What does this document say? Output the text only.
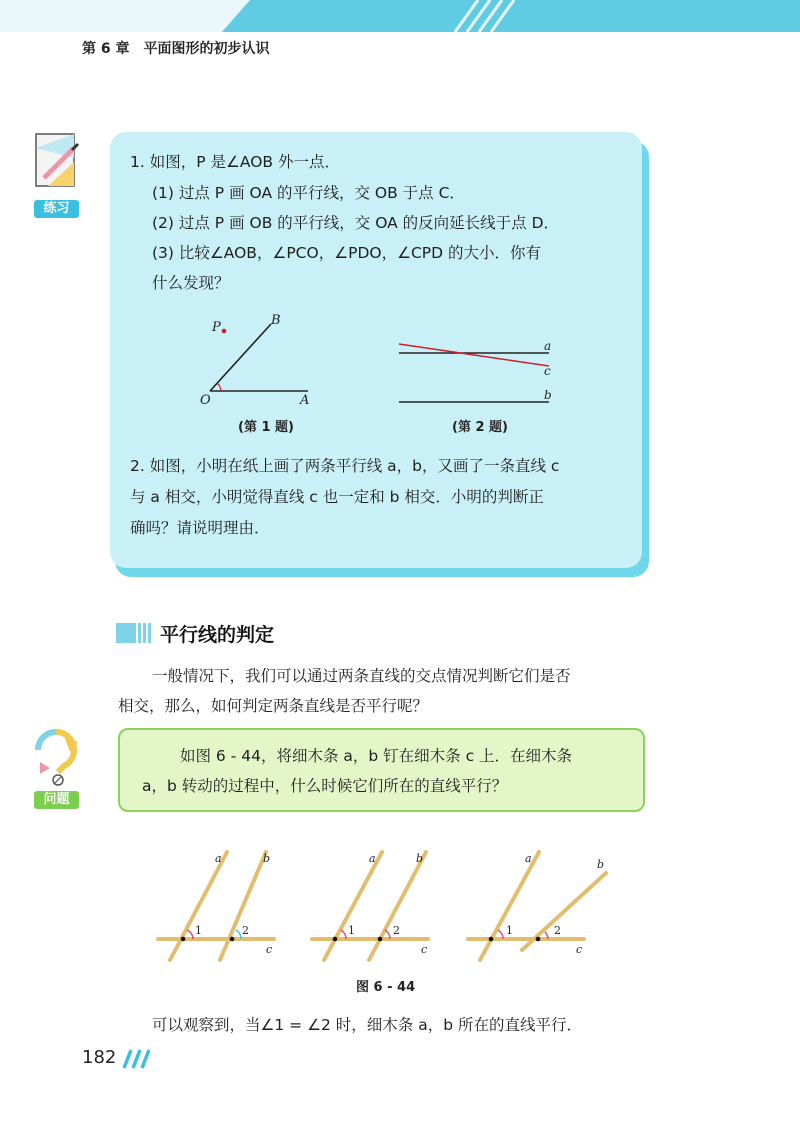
第 6 章　平面图形的初步认识
练习
1. 如图，P 是∠AOB 外一点．
(1) 过点 P 画 OA 的平行线，交 OB 于点 C．
(2) 过点 P 画 OB 的平行线，交 OA 的反向延长线于点 D．
(3) 比较∠AOB，∠PCO，∠PDO，∠CPD 的大小．你有
什么发现？
P	B
O	A
(第 1 题)
a
c
b
(第 2 题)
2. 如图，小明在纸上画了两条平行线 a，b，又画了一条直线 c
与 a 相交，小明觉得直线 c 也一定和 b 相交．小明的判断正
确吗？请说明理由．
平行线的判定
一般情况下，我们可以通过两条直线的交点情况判断它们是否
相交，那么，如何判定两条直线是否平行呢？
问题
如图 6 - 44，将细木条 a，b 钉在细木条 c 上．在细木条
a，b 转动的过程中，什么时候它们所在的直线平行？
a	b
c
1	2
a	b
c
1	2
a	b
c
1	2
图 6 - 44
可以观察到，当∠1 = ∠2 时，细木条 a，b 所在的直线平行．
182
